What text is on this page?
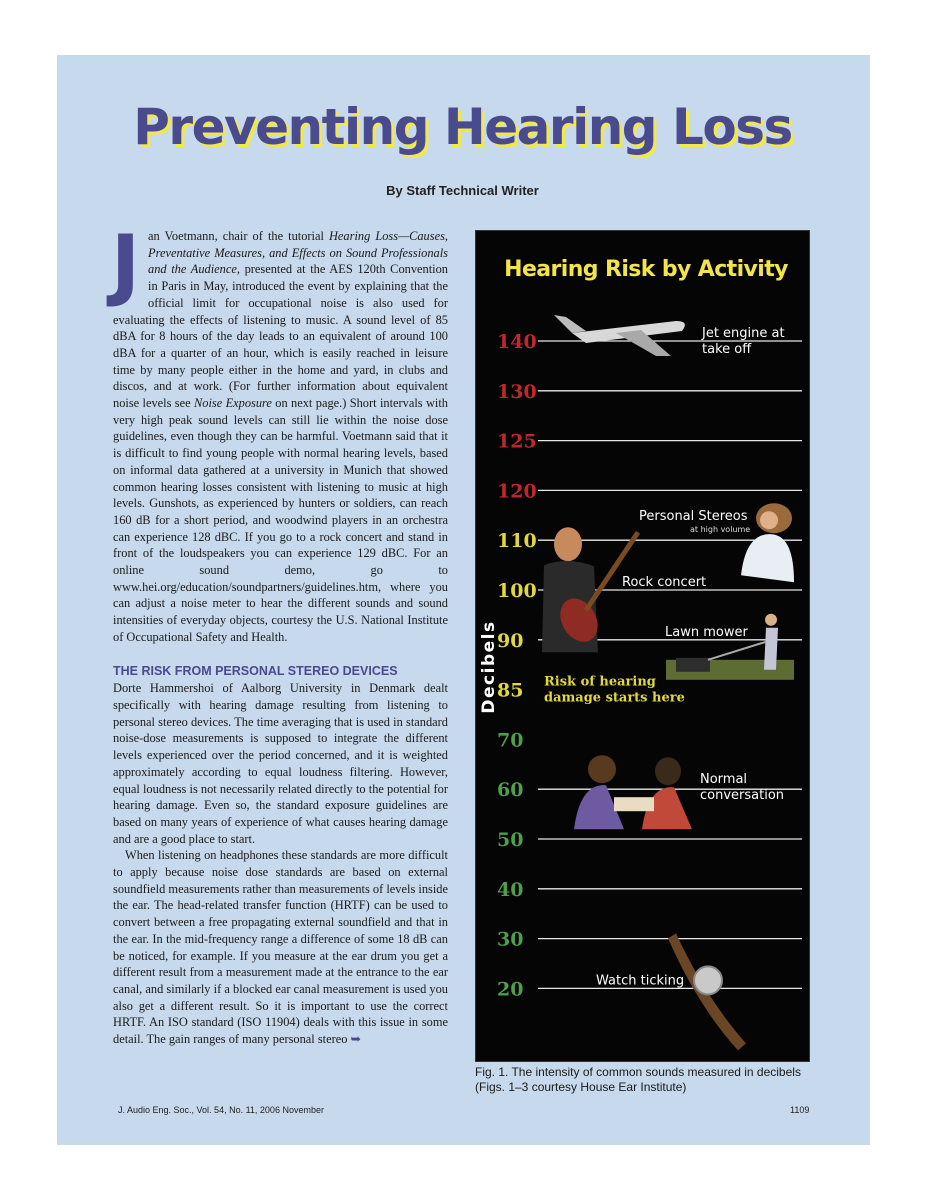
Preventing Hearing Loss
By Staff Technical Writer

Jan Voetmann, chair of the tutorial Hearing Loss—Causes, Preventative Measures, and Effects on Sound Professionals and the Audience, presented at the AES 120th Convention in Paris in May, introduced the event by explaining that the official limit for occupational noise is also used for evaluating the effects of listening to music. A sound level of 85 dBA for 8 hours of the day leads to an equivalent of around 100 dBA for a quarter of an hour, which is easily reached in leisure time by many people either in the home and yard, in clubs and discos, and at work. (For further information about equivalent noise levels see Noise Exposure on next page.) Short intervals with very high peak sound levels can still lie within the noise dose guidelines, even though they can be harmful. Voetmann said that it is difficult to find young people with normal hearing levels, based on informal data gathered at a university in Munich that showed common hearing losses consistent with listening to music at high levels. Gunshots, as experienced by hunters or soldiers, can reach 160 dB for a short period, and woodwind players in an orchestra can experience 128 dBC. If you go to a rock concert and stand in front of the loudspeakers you can experience 129 dBC. For an online sound demo, go to www.hei.org/education/soundpartners/guidelines.htm, where you can adjust a noise meter to hear the different sounds and sound intensities of everyday objects, courtesy the U.S. National Institute of Occupational Safety and Health.

THE RISK FROM PERSONAL STEREO DEVICES

Dorte Hammershoi of Aalborg University in Denmark dealt specifically with hearing damage resulting from listening to personal stereo devices. The time averaging that is used in standard noise-dose measurements is supposed to integrate the different levels experienced over the period concerned, and it is weighted approximately according to equal loudness filtering. However, equal loudness is not necessarily related directly to the potential for hearing damage. Even so, the standard exposure guidelines are based on many years of experience of what causes hearing damage and are a good place to start.

When listening on headphones these standards are more difficult to apply because noise dose standards are based on external soundfield measurements rather than measurements of levels inside the ear. The head-related transfer function (HRTF) can be used to convert between a free propagating external soundfield and that in the ear. In the mid-frequency range a difference of some 18 dB can be noticed, for example. If you measure at the ear drum you get a different result from a measurement made at the entrance to the ear canal, and similarly if a blocked ear canal measurement is used you also get a different result. So it is important to use the correct HRTF. An ISO standard (ISO 11904) deals with this issue in some detail. The gain ranges of many personal stereo ➥

Hearing Risk by Activity
Decibels
140
130
125
120
110
100
90
85
70
60
50
40
30
20
Jet engine at
take off
Personal Stereos
at high volume
Rock concert
Lawn mower
Risk of hearing
damage starts here
Normal
conversation
Watch ticking
Fig. 1. The intensity of common sounds measured in decibels (Figs. 1–3 courtesy House Ear Institute)
J. Audio Eng. Soc., Vol. 54, No. 11, 2006 November	1109
